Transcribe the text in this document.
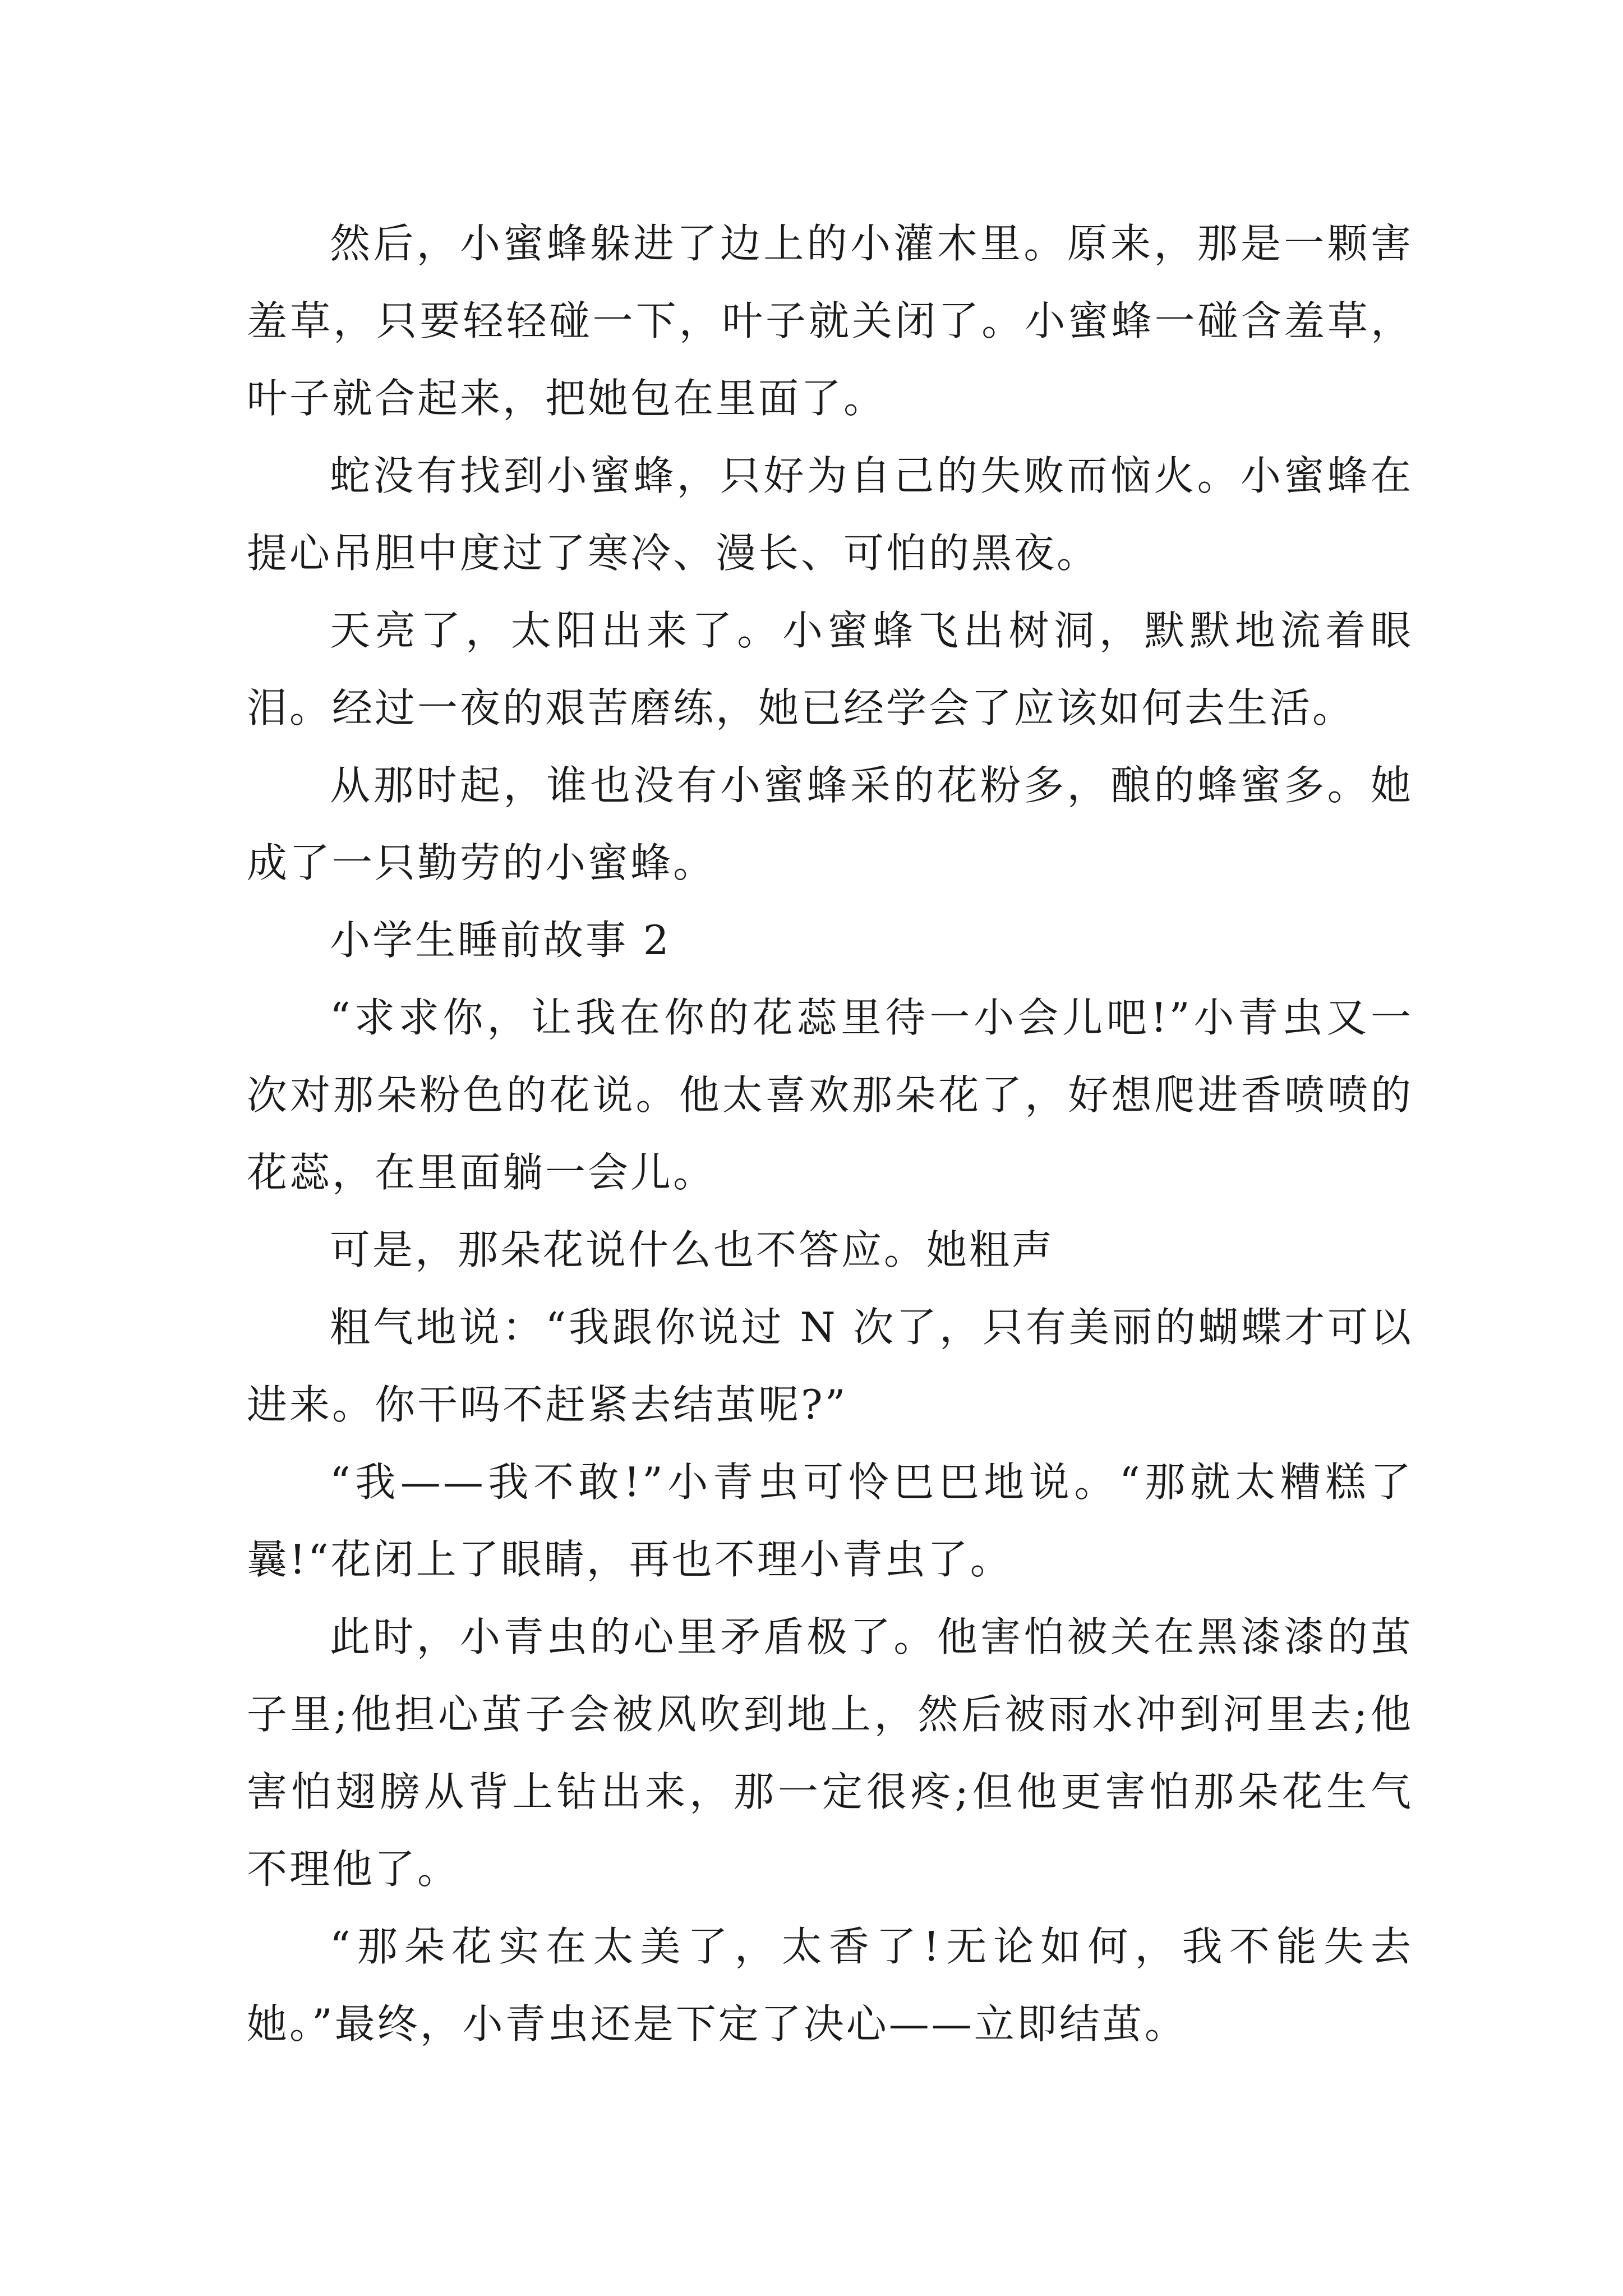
然后，小蜜蜂躲进了边上的小灌木里。原来，那是一颗害羞草，只要轻轻碰一下，叶子就关闭了。小蜜蜂一碰含羞草，叶子就合起来，把她包在里面了。

蛇没有找到小蜜蜂，只好为自己的失败而恼火。小蜜蜂在提心吊胆中度过了寒冷、漫长、可怕的黑夜。

天亮了，太阳出来了。小蜜蜂飞出树洞，默默地流着眼泪。经过一夜的艰苦磨练，她已经学会了应该如何去生活。

从那时起，谁也没有小蜜蜂采的花粉多，酿的蜂蜜多。她成了一只勤劳的小蜜蜂。

小学生睡前故事 2

“求求你，让我在你的花蕊里待一小会儿吧!”小青虫又一次对那朵粉色的花说。他太喜欢那朵花了，好想爬进香喷喷的花蕊，在里面躺一会儿。

可是，那朵花说什么也不答应。她粗声

粗气地说：“我跟你说过 N 次了，只有美丽的蝴蝶才可以进来。你干吗不赶紧去结茧呢?”

“我——我不敢!”小青虫可怜巴巴地说。“那就太糟糕了曩!“花闭上了眼睛，再也不理小青虫了。

此时，小青虫的心里矛盾极了。他害怕被关在黑漆漆的茧子里;他担心茧子会被风吹到地上，然后被雨水冲到河里去;他害怕翅膀从背上钻出来，那一定很疼;但他更害怕那朵花生气不理他了。

“那朵花实在太美了，太香了!无论如何，我不能失去她。”最终，小青虫还是下定了决心——立即结茧。
